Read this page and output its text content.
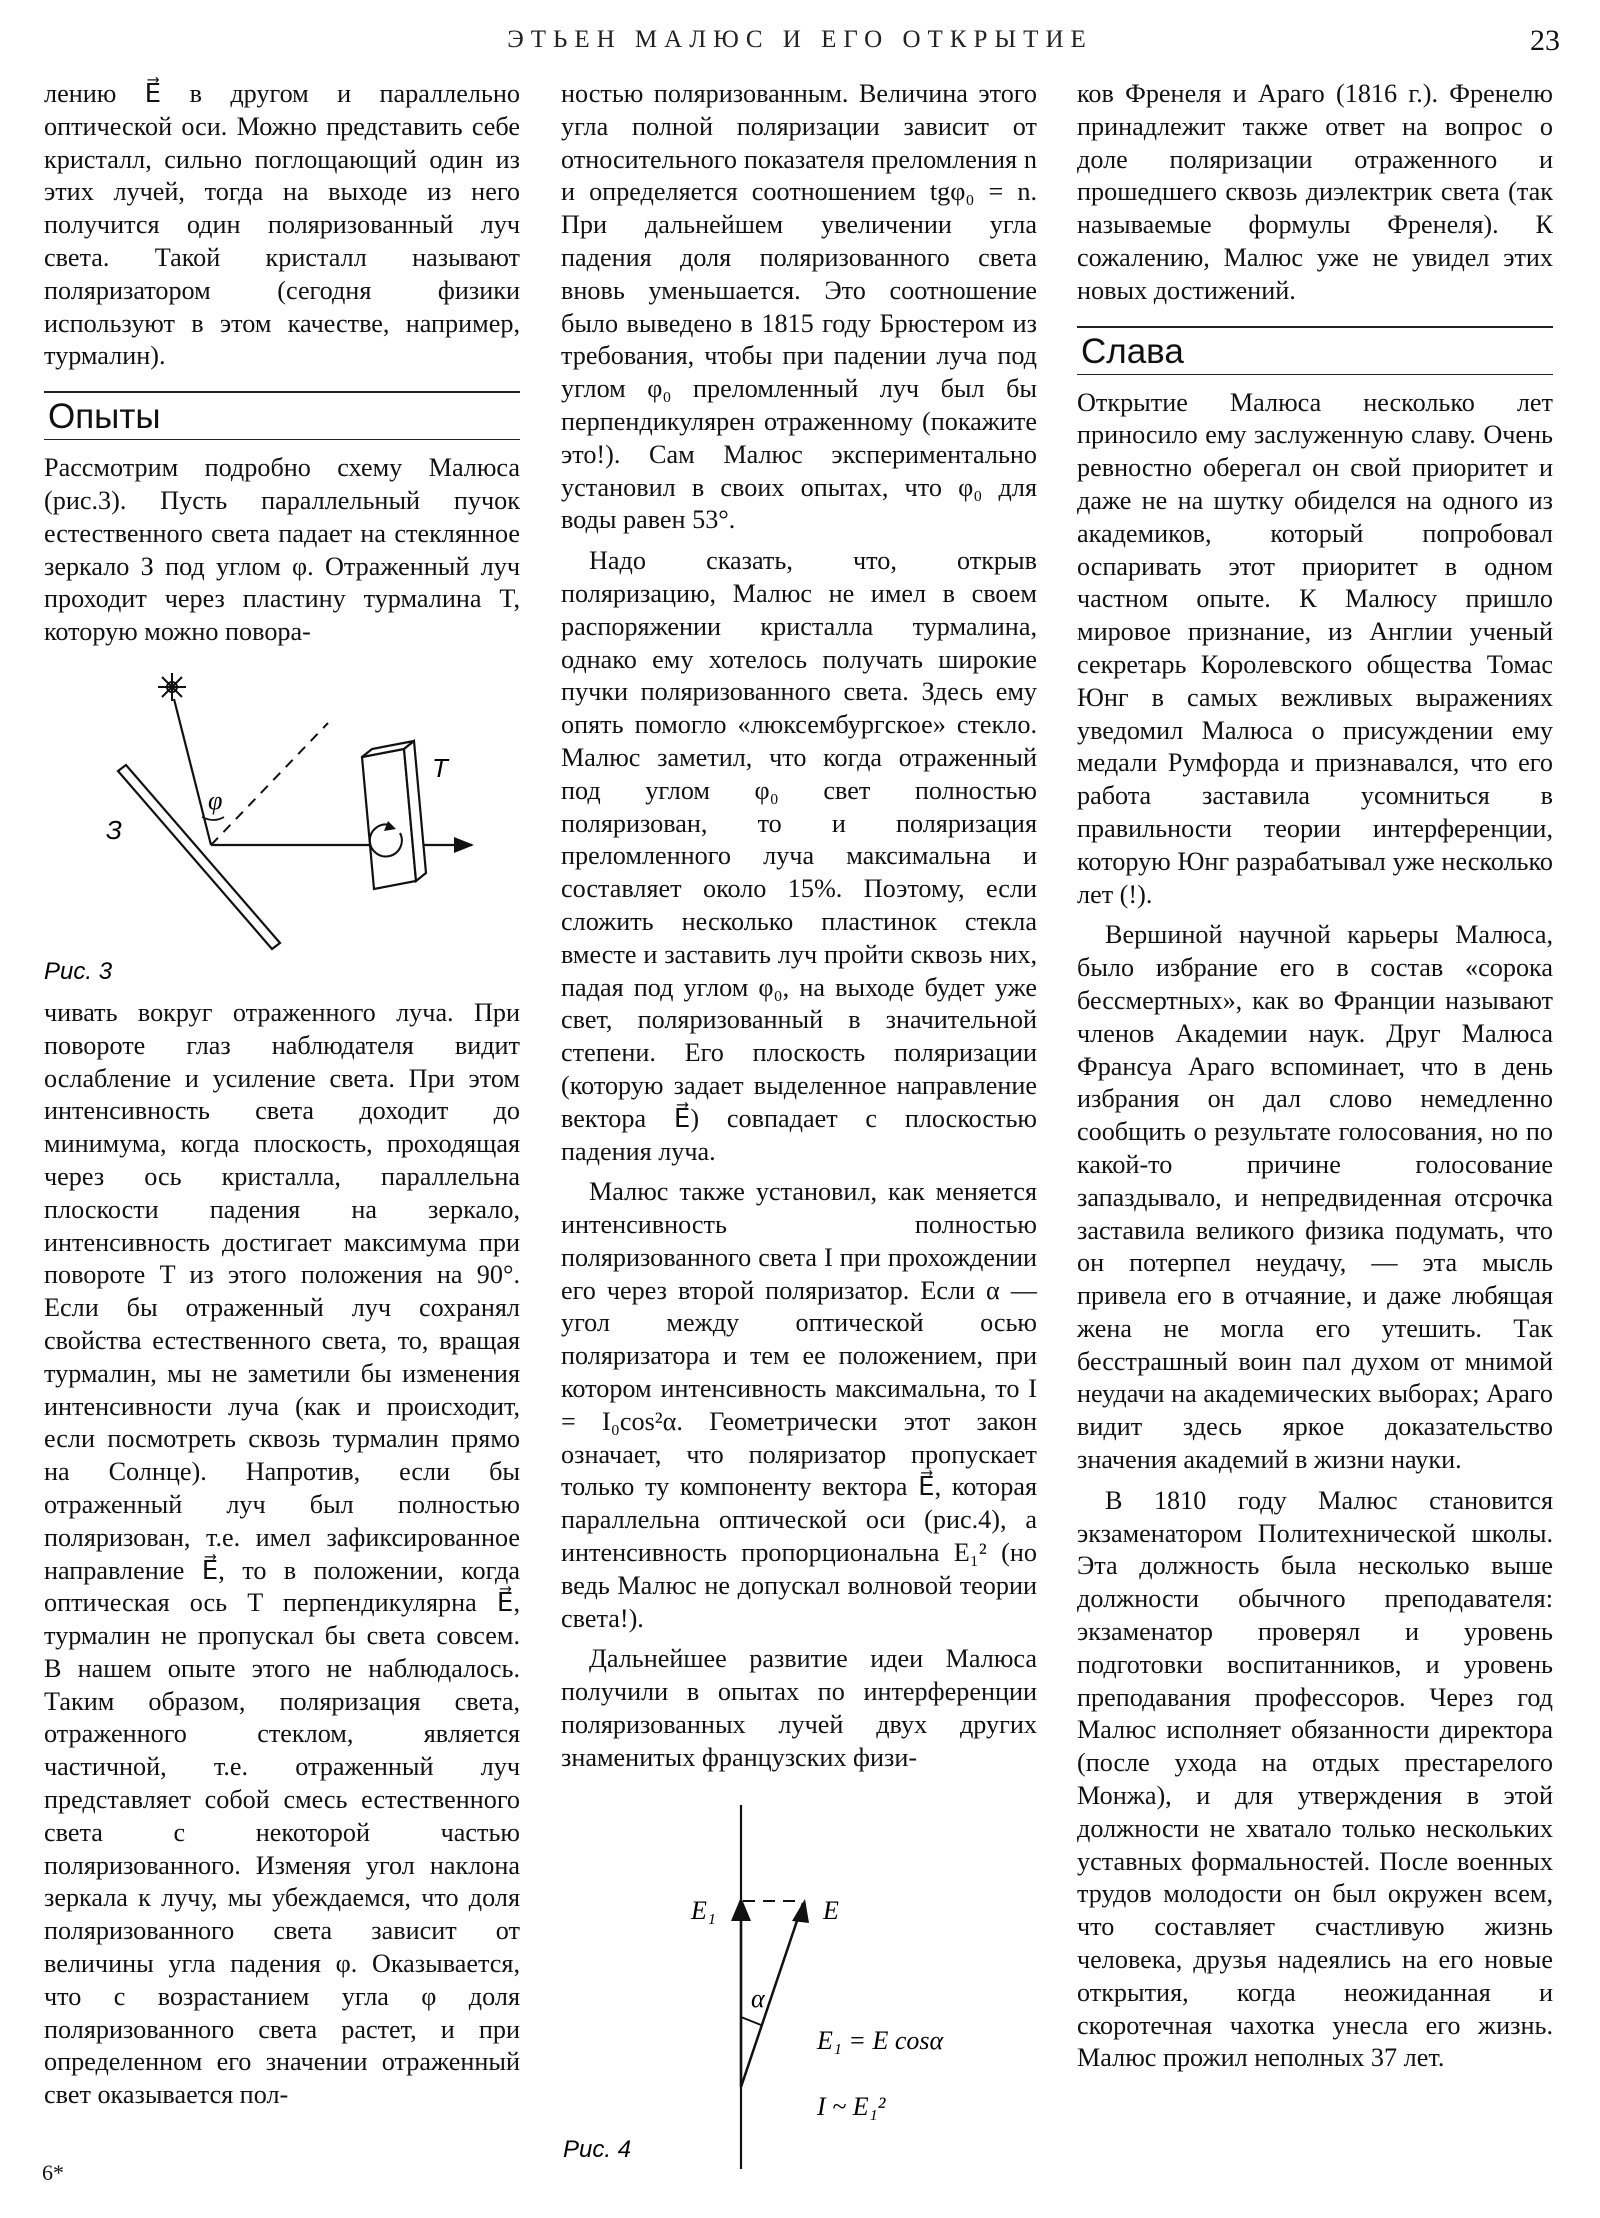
ЭТЬЕН МАЛЮС И ЕГО ОТКРЫТИЕ	23

лению E⃗ в другом и параллельно оптической оси. Можно представить себе кристалл, сильно поглощающий один из этих лучей, тогда на выходе из него получится один поляризованный луч света. Такой кристалл называют поляризатором (сегодня физики используют в этом качестве, например, турмалин).

Опыты

Рассмотрим подробно схему Малюса (рис.3). Пусть параллельный пучок естественного света падает на стеклянное зеркало З под углом φ. Отраженный луч проходит через пластину турмалина T, которую можно повора-

φ
З
T
Рис. 3

чивать вокруг отраженного луча. При повороте глаз наблюдателя видит ослабление и усиление света. При этом интенсивность света доходит до минимума, когда плоскость, проходящая через ось кристалла, параллельна плоскости падения на зеркало, интенсивность достигает максимума при повороте T из этого положения на 90°. Если бы отраженный луч сохранял свойства естественного света, то, вращая турмалин, мы не заметили бы изменения интенсивности луча (как и происходит, если посмотреть сквозь турмалин прямо на Солнце). Напротив, если бы отраженный луч был полностью поляризован, т.е. имел зафиксированное направление E⃗, то в положении, когда оптическая ось T перпендикулярна E⃗, турмалин не пропускал бы света совсем. В нашем опыте этого не наблюдалось. Таким образом, поляризация света, отраженного стеклом, является частичной, т.е. отраженный луч представляет собой смесь естественного света с некоторой частью поляризованного. Изменяя угол наклона зеркала к лучу, мы убеждаемся, что доля поляризованного света зависит от величины угла падения φ. Оказывается, что с возрастанием угла φ доля поляризованного света растет, и при определенном его значении отраженный свет оказывается пол-

ностью поляризованным. Величина этого угла полной поляризации зависит от относительного показателя преломления n и определяется соотношением tgφ₀ = n. При дальнейшем увеличении угла падения доля поляризованного света вновь уменьшается. Это соотношение было выведено в 1815 году Брюстером из требования, чтобы при падении луча под углом φ₀ преломленный луч был бы перпендикулярен отраженному (покажите это!). Сам Малюс экспериментально установил в своих опытах, что φ₀ для воды равен 53°.

Надо сказать, что, открыв поляризацию, Малюс не имел в своем распоряжении кристалла турмалина, однако ему хотелось получать широкие пучки поляризованного света. Здесь ему опять помогло «люксембургское» стекло. Малюс заметил, что когда отраженный под углом φ₀ свет полностью поляризован, то и поляризация преломленного луча максимальна и составляет около 15%. Поэтому, если сложить несколько пластинок стекла вместе и заставить луч пройти сквозь них, падая под углом φ₀, на выходе будет уже свет, поляризованный в значительной степени. Его плоскость поляризации (которую задает выделенное направление вектора E⃗) совпадает с плоскостью падения луча.

Малюс также установил, как меняется интенсивность полностью поляризованного света I при прохождении его через второй поляризатор. Если α — угол между оптической осью поляризатора и тем ее положением, при котором интенсивность максимальна, то I = I₀cos²α. Геометрически этот закон означает, что поляризатор пропускает только ту компоненту вектора E⃗, которая параллельна оптической оси (рис.4), а интенсивность пропорциональна E₁² (но ведь Малюс не допускал волновой теории света!).

Дальнейшее развитие идеи Малюса получили в опытах по интерференции поляризованных лучей двух других знаменитых французских физи-

E₁	E
α
E₁ = E cosα
I ~ E₁²
Рис. 4

ков Френеля и Араго (1816 г.). Френелю принадлежит также ответ на вопрос о доле поляризации отраженного и прошедшего сквозь диэлектрик света (так называемые формулы Френеля). К сожалению, Малюс уже не увидел этих новых достижений.

Слава

Открытие Малюса несколько лет приносило ему заслуженную славу. Очень ревностно оберегал он свой приоритет и даже не на шутку обиделся на одного из академиков, который попробовал оспаривать этот приоритет в одном частном опыте. К Малюсу пришло мировое признание, из Англии ученый секретарь Королевского общества Томас Юнг в самых вежливых выражениях уведомил Малюса о присуждении ему медали Румфорда и признавался, что его работа заставила усомниться в правильности теории интерференции, которую Юнг разрабатывал уже несколько лет (!).

Вершиной научной карьеры Малюса, было избрание его в состав «сорока бессмертных», как во Франции называют членов Академии наук. Друг Малюса Франсуа Араго вспоминает, что в день избрания он дал слово немедленно сообщить о результате голосования, но по какой-то причине голосование запаздывало, и непредвиденная отсрочка заставила великого физика подумать, что он потерпел неудачу, — эта мысль привела его в отчаяние, и даже любящая жена не могла его утешить. Так бесстрашный воин пал духом от мнимой неудачи на академических выборах; Араго видит здесь яркое доказательство значения академий в жизни науки.

В 1810 году Малюс становится экзаменатором Политехнической школы. Эта должность была несколько выше должности обычного преподавателя: экзаменатор проверял и уровень подготовки воспитанников, и уровень преподавания профессоров. Через год Малюс исполняет обязанности директора (после ухода на отдых престарелого Монжа), и для утверждения в этой должности не хватало только нескольких уставных формальностей. После военных трудов молодости он был окружен всем, что составляет счастливую жизнь человека, друзья надеялись на его новые открытия, когда неожиданная и скоротечная чахотка унесла его жизнь. Малюс прожил неполных 37 лет.

6*
